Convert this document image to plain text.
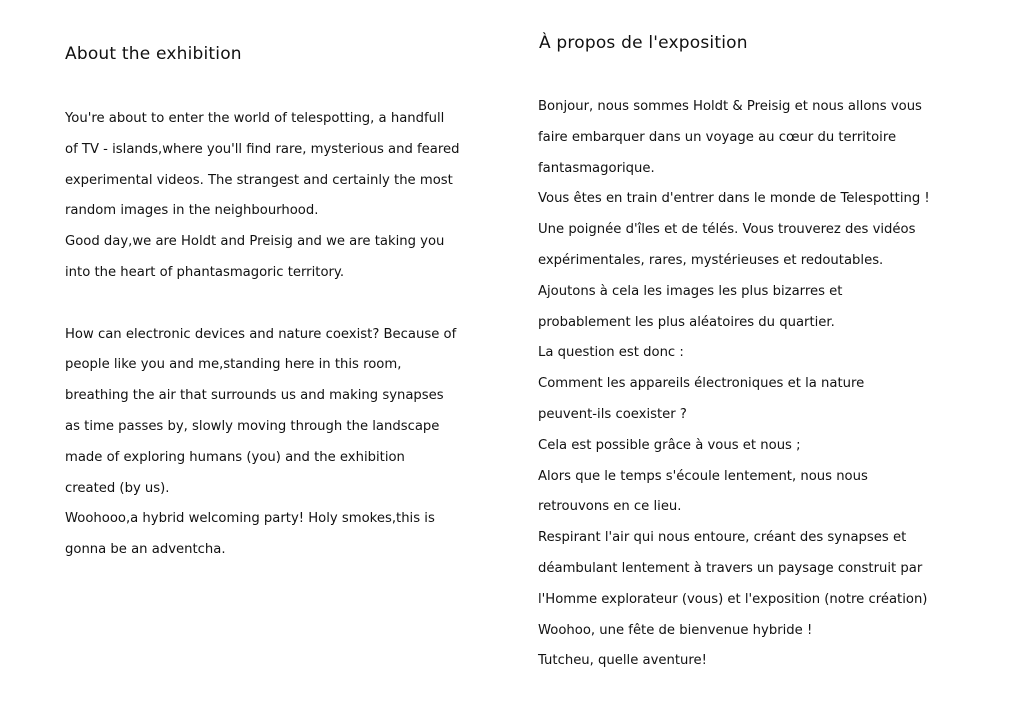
About the exhibition
You're about to enter the world of telespotting, a handfull
of TV - islands,where you'll find rare, mysterious and feared
experimental videos. The strangest and certainly the most
random images in the neighbourhood.
Good day,we are Holdt and Preisig and we are taking you
into the heart of phantasmagoric territory.
How can electronic devices and nature coexist? Because of
people like you and me,standing here in this room,
breathing the air that surrounds us and making synapses
as time passes by, slowly moving through the landscape
made of exploring humans (you) and the exhibition
created (by us).
Woohooo,a hybrid welcoming party! Holy smokes,this is
gonna be an adventcha.
À propos de l'exposition
Bonjour, nous sommes Holdt & Preisig et nous allons vous
faire embarquer dans un voyage au cœur du territoire
fantasmagorique.
Vous êtes en train d'entrer dans le monde de Telespotting !
Une poignée d'îles et de télés. Vous trouverez des vidéos
expérimentales, rares, mystérieuses et redoutables.
Ajoutons à cela les images les plus bizarres et
probablement les plus aléatoires du quartier.
La question est donc :
Comment les appareils électroniques et la nature
peuvent-ils coexister ?
Cela est possible grâce à vous et nous ;
Alors que le temps s'écoule lentement, nous nous
retrouvons en ce lieu.
Respirant l'air qui nous entoure, créant des synapses et
déambulant lentement à travers un paysage construit par
l'Homme explorateur (vous) et l'exposition (notre création)
Woohoo, une fête de bienvenue hybride !
Tutcheu, quelle aventure!
